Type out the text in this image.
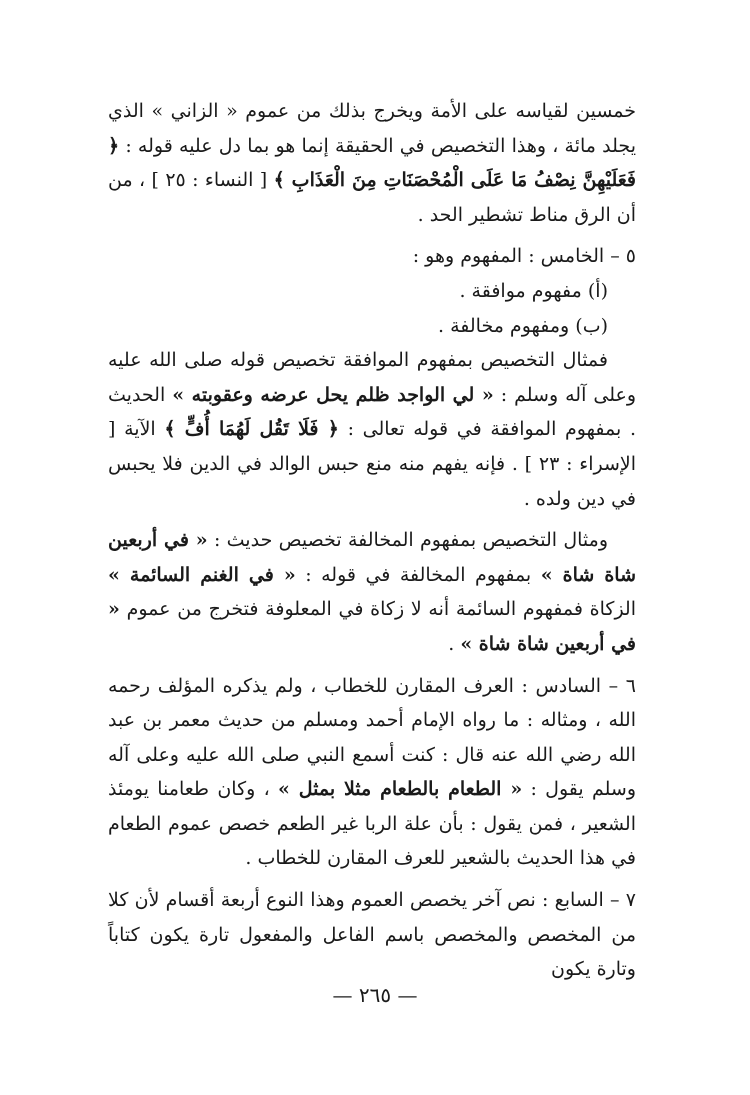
خمسين لقياسه على الأمة ويخرج بذلك من عموم « الزاني » الذي يجلد مائة ، وهذا التخصيص في الحقيقة إنما هو بما دل عليه قوله : ﴿ فَعَلَيْهِنَّ نِصْفُ مَا عَلَى الْمُحْصَنَاتِ مِنَ الْعَذَابِ ﴾ [ النساء : ٢٥ ] ، من أن الرق مناط تشطير الحد .

٥ – الخامس : المفهوم وهو :

(أ) مفهوم موافقة .

(ب) ومفهوم مخالفة .

فمثال التخصيص بمفهوم الموافقة تخصيص قوله صلى الله عليه وعلى آله وسلم : « لي الواجد ظلم يحل عرضه وعقوبته » الحديث . بمفهوم الموافقة في قوله تعالى : ﴿ فَلَا تَقُل لَهُمَا أُفٍّ ﴾ الآية [ الإسراء : ٢٣ ] . فإنه يفهم منه منع حبس الوالد في الدين فلا يحبس في دين ولده .

ومثال التخصيص بمفهوم المخالفة تخصيص حديث : « في أربعين شاة شاة » بمفهوم المخالفة في قوله : « في الغنم السائمة » الزكاة فمفهوم السائمة أنه لا زكاة في المعلوفة فتخرج من عموم « في أربعين شاة شاة » .

٦ – السادس : العرف المقارن للخطاب ، ولم يذكره المؤلف رحمه الله ، ومثاله : ما رواه الإمام أحمد ومسلم من حديث معمر بن عبد الله رضي الله عنه قال : كنت أسمع النبي صلى الله عليه وعلى آله وسلم يقول : « الطعام بالطعام مثلا بمثل » ، وكان طعامنا يومئذ الشعير ، فمن يقول : بأن علة الربا غير الطعم خصص عموم الطعام في هذا الحديث بالشعير للعرف المقارن للخطاب .

٧ – السابع : نص آخر يخصص العموم وهذا النوع أربعة أقسام لأن كلا من المخصص والمخصص باسم الفاعل والمفعول تارة يكون كتاباً وتارة يكون

— ٢٦٥ —
